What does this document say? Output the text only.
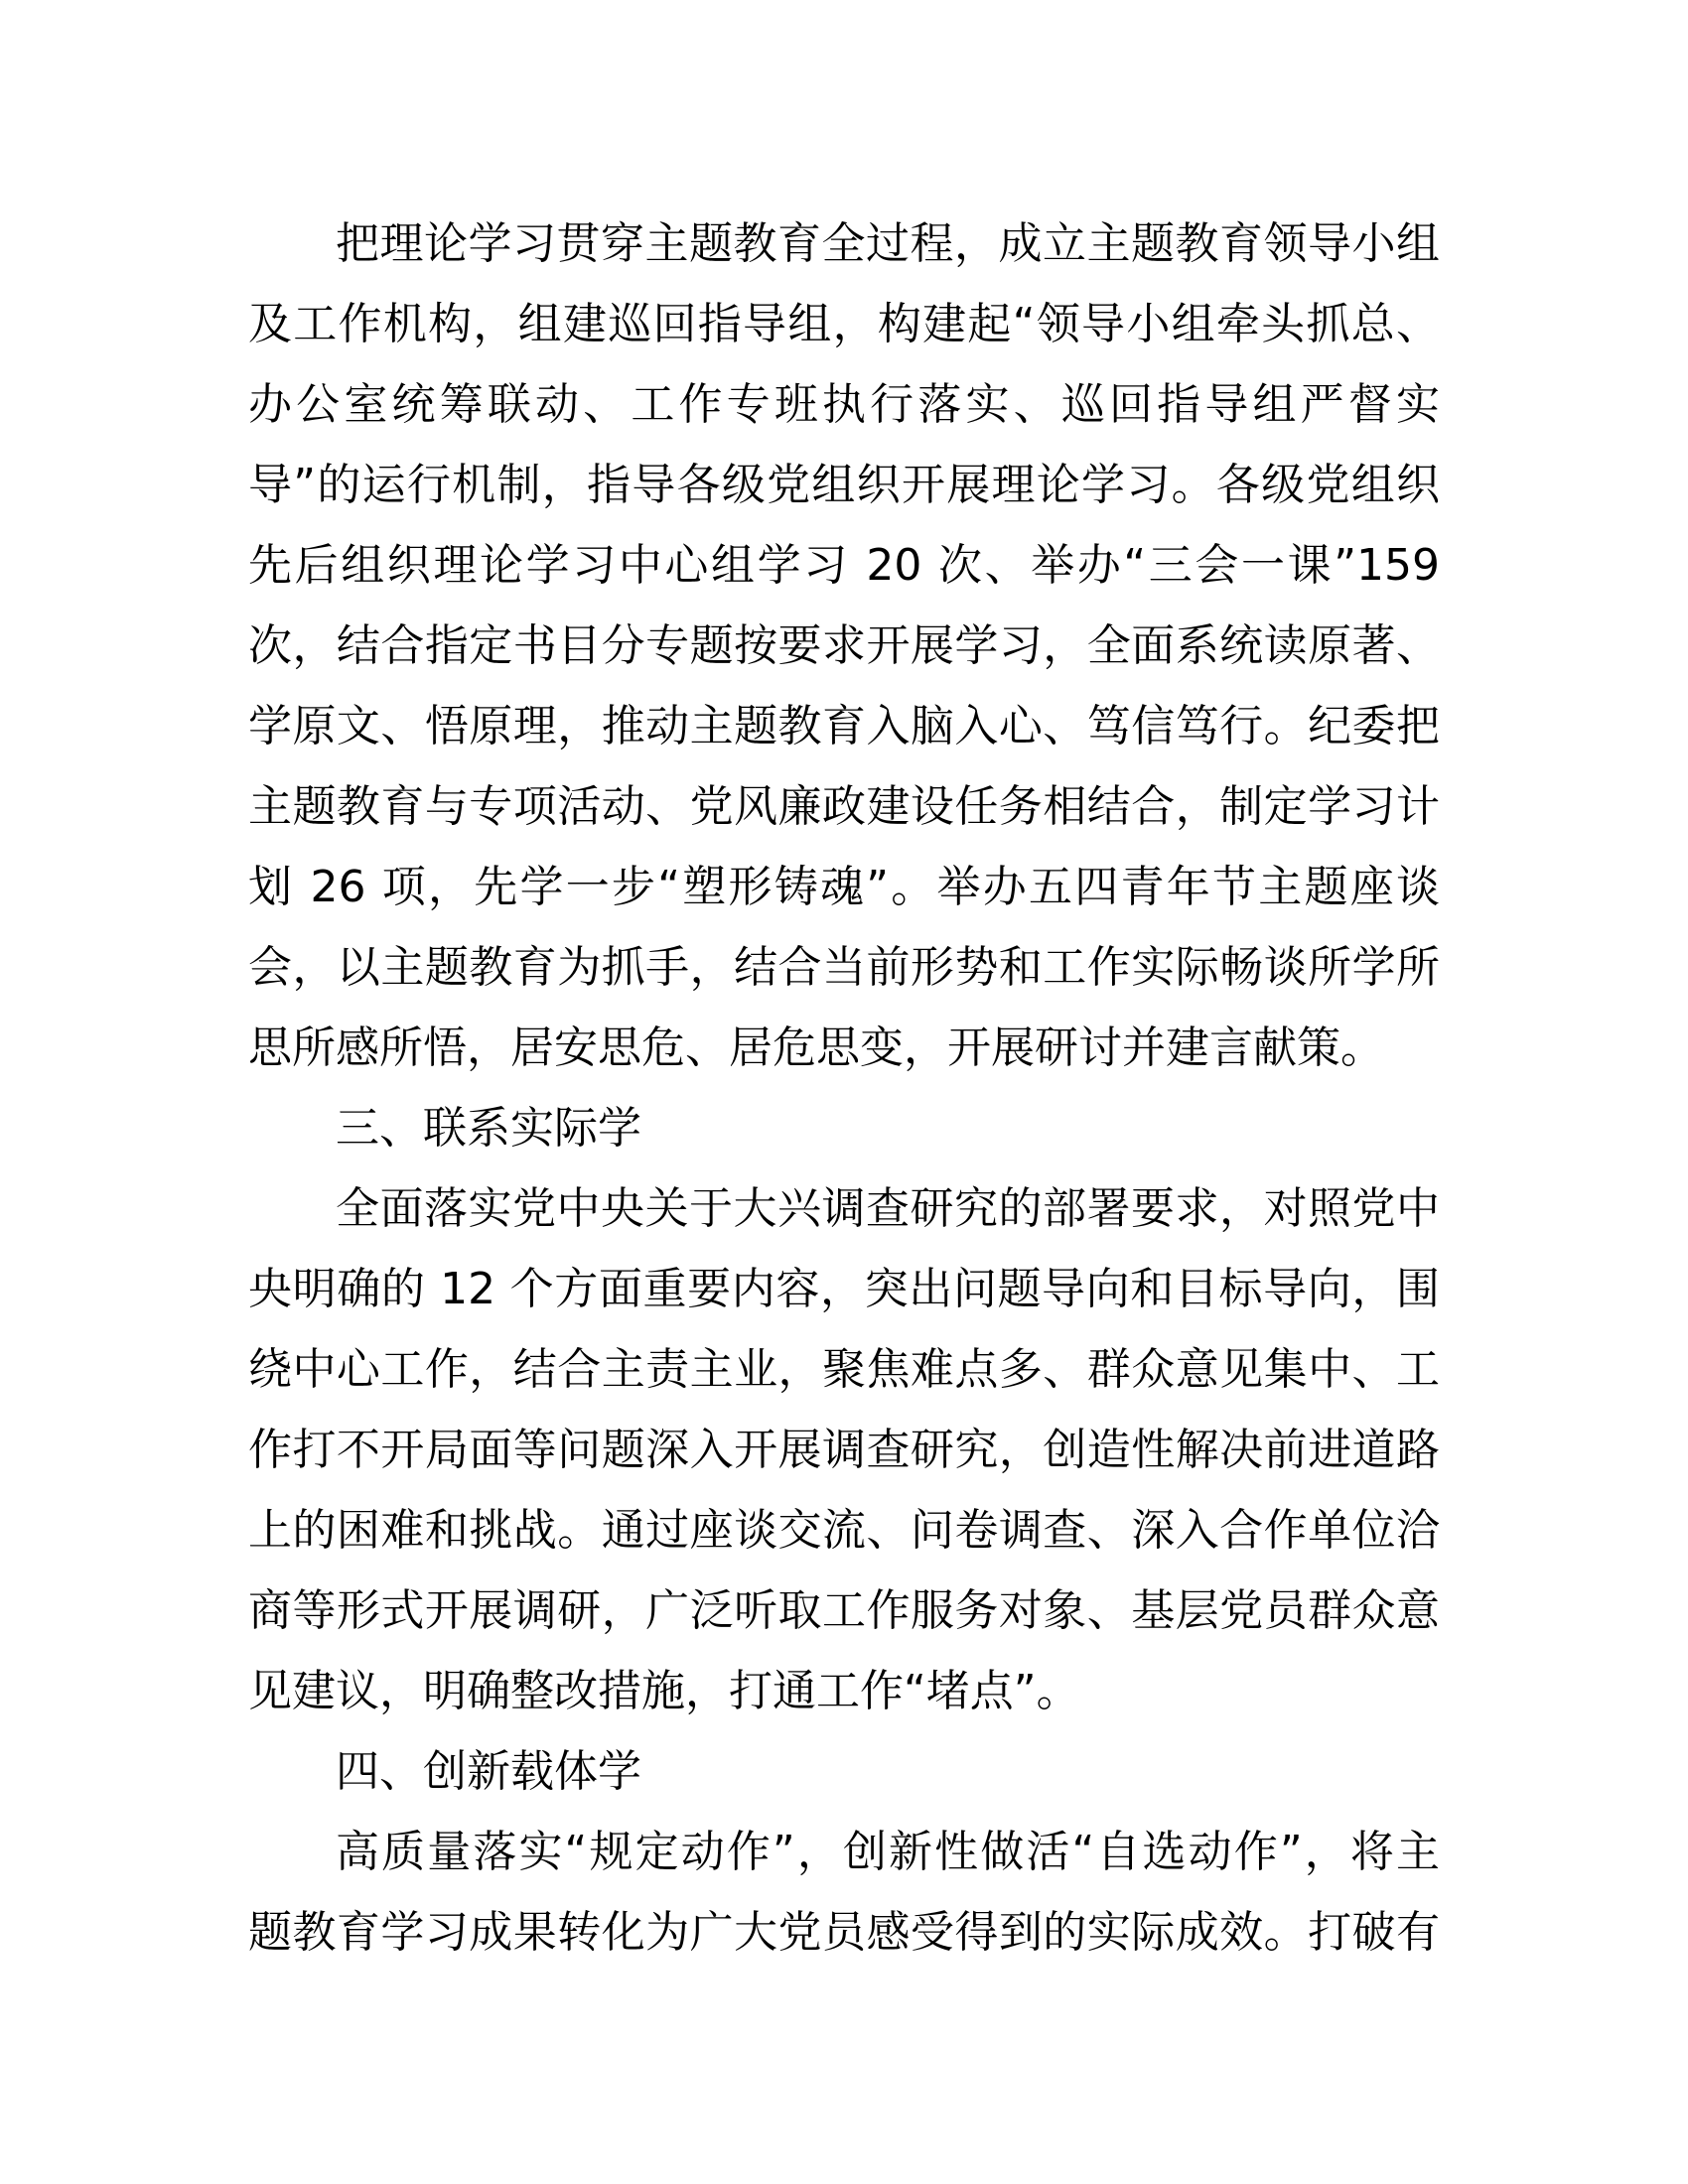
把理论学习贯穿主题教育全过程，成立主题教育领导小组
及工作机构，组建巡回指导组，构建起“领导小组牵头抓总、
办公室统筹联动、工作专班执行落实、巡回指导组严督实
导”的运行机制，指导各级党组织开展理论学习。各级党组织
先后组织理论学习中心组学习 20 次、举办“三会一课”159
次，结合指定书目分专题按要求开展学习，全面系统读原著、
学原文、悟原理，推动主题教育入脑入心、笃信笃行。纪委把
主题教育与专项活动、党风廉政建设任务相结合，制定学习计
划 26 项，先学一步“塑形铸魂”。举办五四青年节主题座谈
会，以主题教育为抓手，结合当前形势和工作实际畅谈所学所
思所感所悟，居安思危、居危思变，开展研讨并建言献策。
三、联系实际学
全面落实党中央关于大兴调查研究的部署要求，对照党中
央明确的 12 个方面重要内容，突出问题导向和目标导向，围
绕中心工作，结合主责主业，聚焦难点多、群众意见集中、工
作打不开局面等问题深入开展调查研究，创造性解决前进道路
上的困难和挑战。通过座谈交流、问卷调查、深入合作单位洽
商等形式开展调研，广泛听取工作服务对象、基层党员群众意
见建议，明确整改措施，打通工作“堵点”。
四、创新载体学
高质量落实“规定动作”，创新性做活“自选动作”，将主
题教育学习成果转化为广大党员感受得到的实际成效。打破有
